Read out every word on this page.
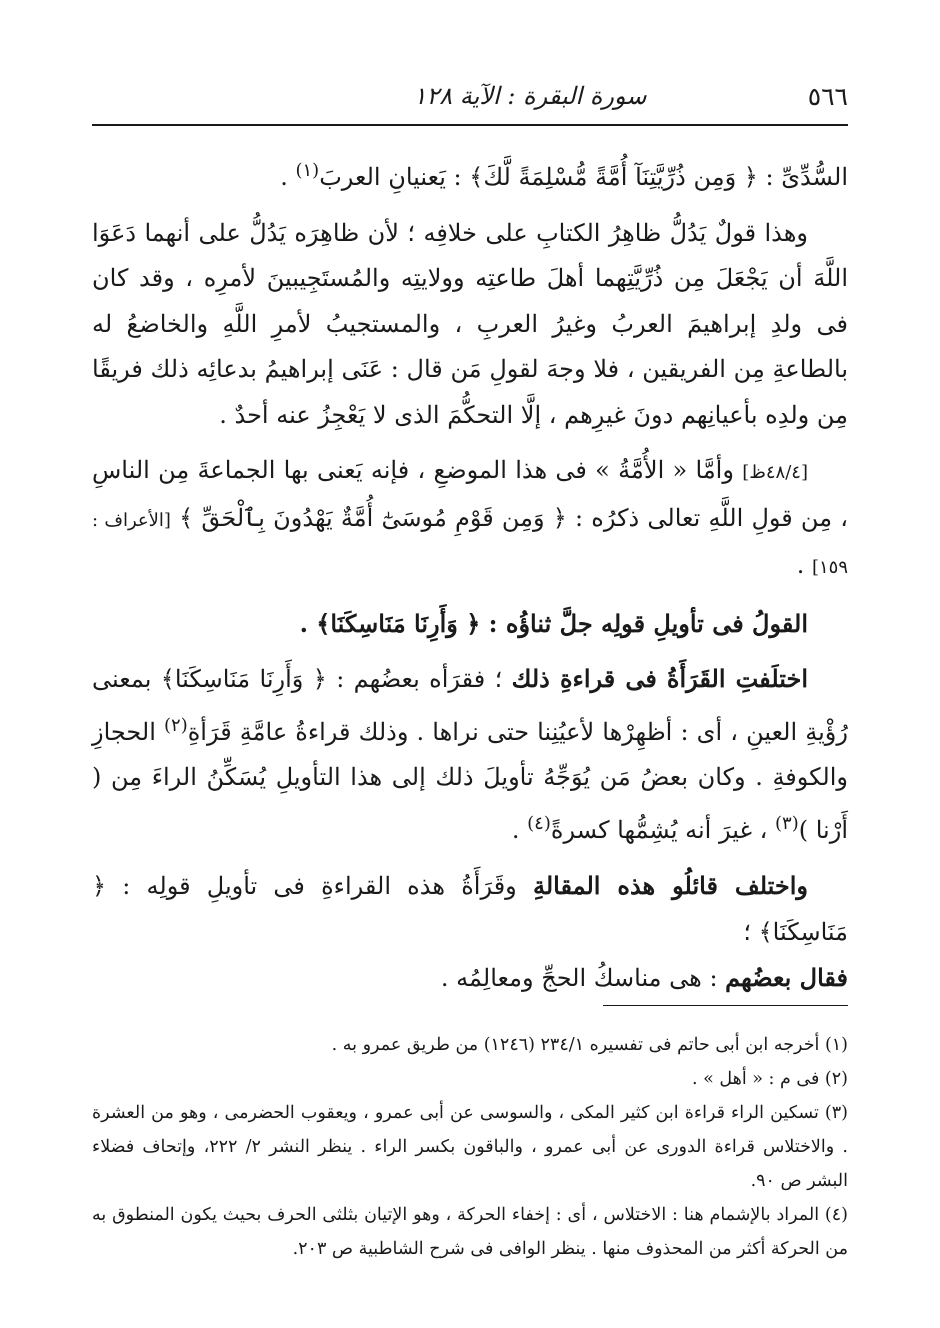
٥٦٦
سورة البقرة : الآية ١٢٨

السُّدِّىِّ : ﴿ وَمِن ذُرِّيَّتِنَآ أُمَّةً مُّسْلِمَةً لَّكَ﴾ : يَعنيانِ العربَ$^{(١)}$ .

وهذا قولٌ يَدُلُّ ظاهِرُ الكتابِ على خلافِه ؛ لأن ظاهِرَه يَدُلُّ على أنهما دَعَوَا اللَّهَ أن يَجْعَلَ مِن ذُرِّيَّتِهما أهلَ طاعتِه وولايتِه والمُستَجِيبينَ لأمرِه ، وقد كان فى ولدِ إبراهيمَ العربُ وغيرُ العربِ ، والمستجيبُ لأمرِ اللَّهِ والخاضعُ له بالطاعةِ مِن الفريقين ، فلا وجهَ لقولِ مَن قال : عَنَى إبراهيمُ بدعائِه ذلك فريقًا مِن ولدِه بأعيانِهم دونَ غيرِهم ، إلَّا التحكُّمَ الذى لا يَعْجِزُ عنه أحدٌ .

[٤٨/٤ظ] وأمَّا « الأُمَّةُ » فى هذا الموضعِ ، فإنه يَعنى بها الجماعةَ مِن الناسِ ، مِن قولِ اللَّهِ تعالى ذكرُه : ﴿ وَمِن قَوْمِ مُوسَىٰٓ أُمَّةٌ يَهْدُونَ بِٱلْحَقِّ ﴾ [الأعراف : ١٥٩] .

القولُ فى تأويلِ قولِه جلَّ ثناؤُه : ﴿ وَأَرِنَا مَنَاسِكَنَا﴾ .

اختلَفتِ القَرَأَةُ فى قراءةِ ذلك ؛ فقرَأه بعضُهم : ﴿ وَأَرِنَا مَنَاسِكَنَا﴾ بمعنى رُؤْيةِ العينِ ، أى : أظهِرْها لأعيُنِنا حتى نراها . وذلك قراءةُ عامَّةِ قَرَأةِ$^{(٢)}$ الحجازِ والكوفةِ . وكان بعضُ مَن يُوَجِّهُ تأويلَ ذلك إلى هذا التأويلِ يُسَكِّنُ الراءَ مِن ( أَرْنا )$^{(٣)}$ ، غيرَ أنه يُشِمُّها كسرةً$^{(٤)}$ .

واختلف قائلُو هذه المقالةِ وقَرَأَةُ هذه القراءةِ فى تأويلِ قولِه : ﴿ مَنَاسِكَنَا﴾ ؛
فقال بعضُهم : هى مناسكُ الحجِّ ومعالِمُه .

(١) أخرجه ابن أبى حاتم فى تفسيره ٢٣٤/١ (١٢٤٦) من طريق عمرو به .

(٢) فى م : « أهل » .

(٣) تسكين الراء قراءة ابن كثير المكى ، والسوسى عن أبى عمرو ، ويعقوب الحضرمى ، وهو من العشرة . والاختلاس قراءة الدورى عن أبى عمرو ، والباقون بكسر الراء . ينظر النشر ٢/ ٢٢٢، وإتحاف فضلاء البشر ص ٩٠.

(٤) المراد بالإشمام هنا : الاختلاس ، أى : إخفاء الحركة ، وهو الإتيان بثلثى الحرف بحيث يكون المنطوق به من الحركة أكثر من المحذوف منها . ينظر الوافى فى شرح الشاطبية ص ٢٠٣.
